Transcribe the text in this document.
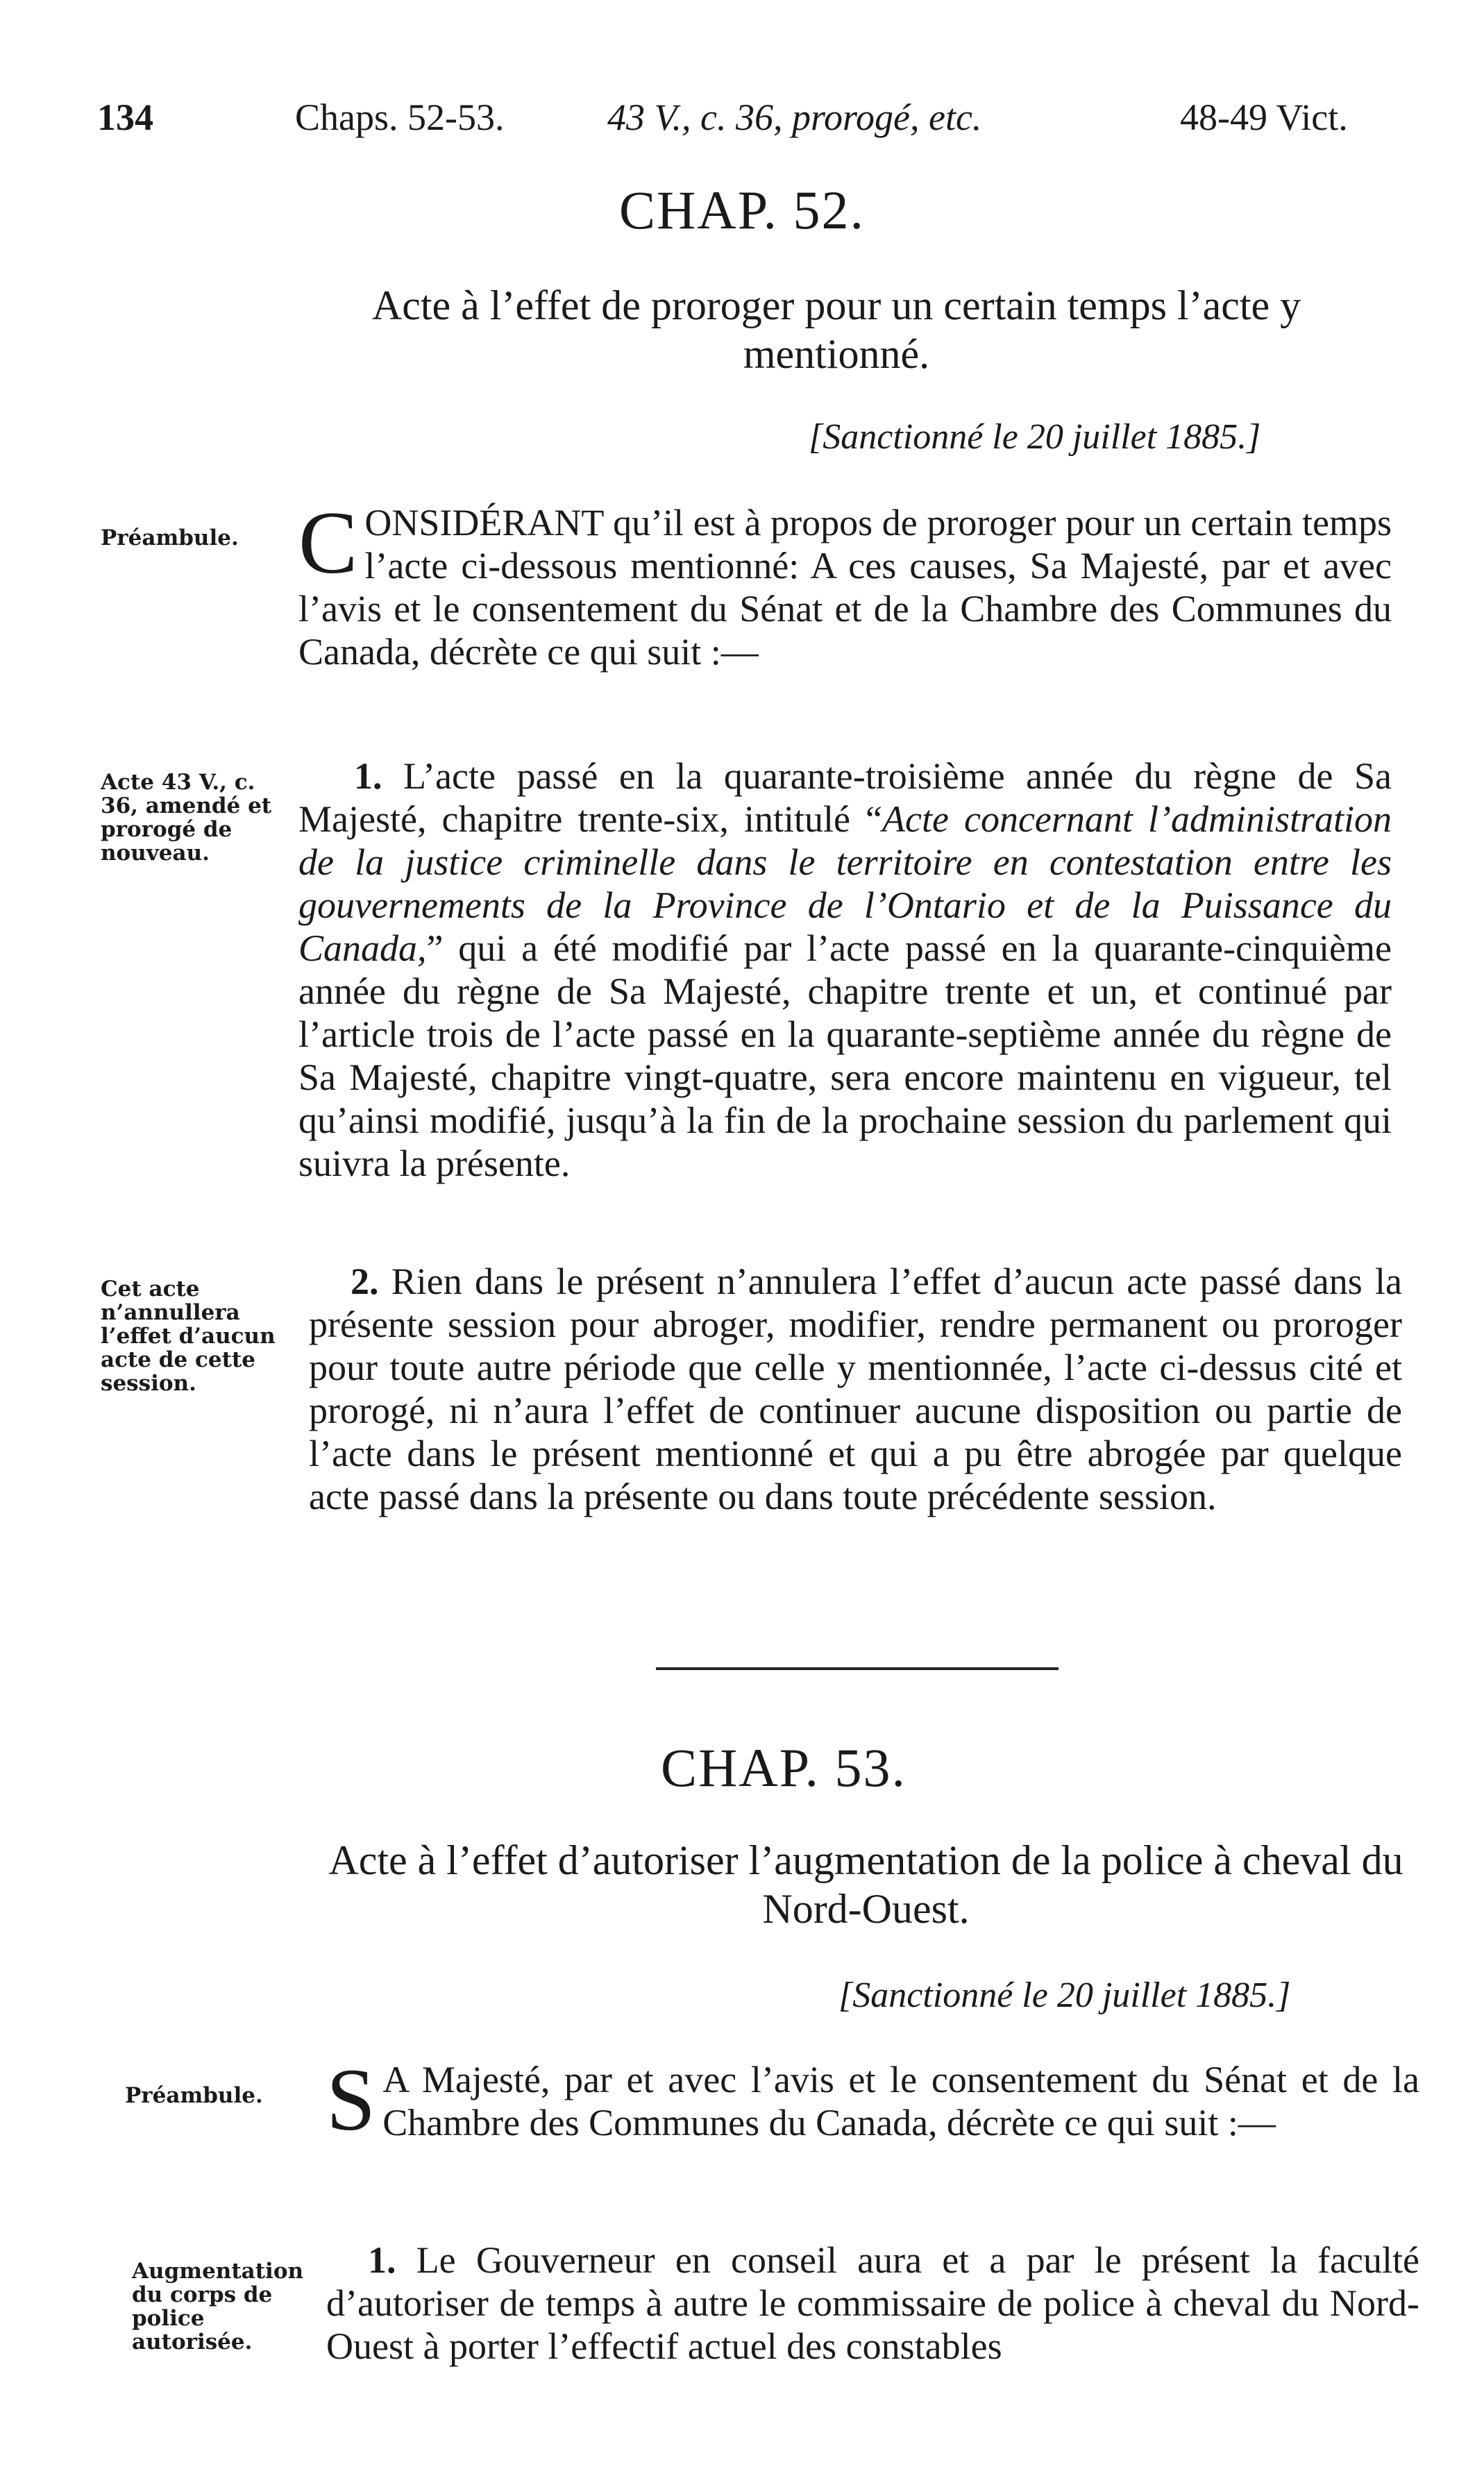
134	Chaps. 52-53.	43 V., c. 36, prorogé, etc.	48-49 Vict.
CHAP. 52.
Acte à l’effet de proroger pour un certain temps l’acte y mentionné.
[Sanctionné le 20 juillet 1885.]
Préambule. CONSIDÉRANT qu’il est à propos de proroger pour un certain temps l’acte ci-dessous mentionné: A ces causes, Sa Majesté, par et avec l’avis et le consentement du Sénat et de la Chambre des Communes du Canada, décrète ce qui suit :—
Acte 43 V., c. 36, amendé et prorogé de nouveau.
1. L’acte passé en la quarante-troisième année du règne de Sa Majesté, chapitre trente-six, intitulé “Acte concernant l’administration de la justice criminelle dans le territoire en contestation entre les gouvernements de la Province de l’Ontario et de la Puissance du Canada,” qui a été modifié par l’acte passé en la quarante-cinquième année du règne de Sa Majesté, chapitre trente et un, et continué par l’article trois de l’acte passé en la quarante-septième année du règne de Sa Majesté, chapitre vingt-quatre, sera encore maintenu en vigueur, tel qu’ainsi modifié, jusqu’à la fin de la prochaine session du parlement qui suivra la présente.
Cet acte n’annullera l’effet d’aucun acte de cette session.
2. Rien dans le présent n’annulera l’effet d’aucun acte passé dans la présente session pour abroger, modifier, rendre permanent ou proroger pour toute autre période que celle y mentionnée, l’acte ci-dessus cité et prorogé, ni n’aura l’effet de continuer aucune disposition ou partie de l’acte dans le présent mentionné et qui a pu être abrogée par quelque acte passé dans la présente ou dans toute précédente session.
CHAP. 53.
Acte à l’effet d’autoriser l’augmentation de la police à cheval du Nord-Ouest.
[Sanctionné le 20 juillet 1885.]
Préambule. S A Majesté, par et avec l’avis et le consentement du Sénat et de la Chambre des Communes du Canada, décrète ce qui suit :—
Augmentation du corps de police autorisée.
1. Le Gouverneur en conseil aura et a par le présent la faculté d’autoriser de temps à autre le commissaire de police à cheval du Nord-Ouest à porter l’effectif actuel des constables
